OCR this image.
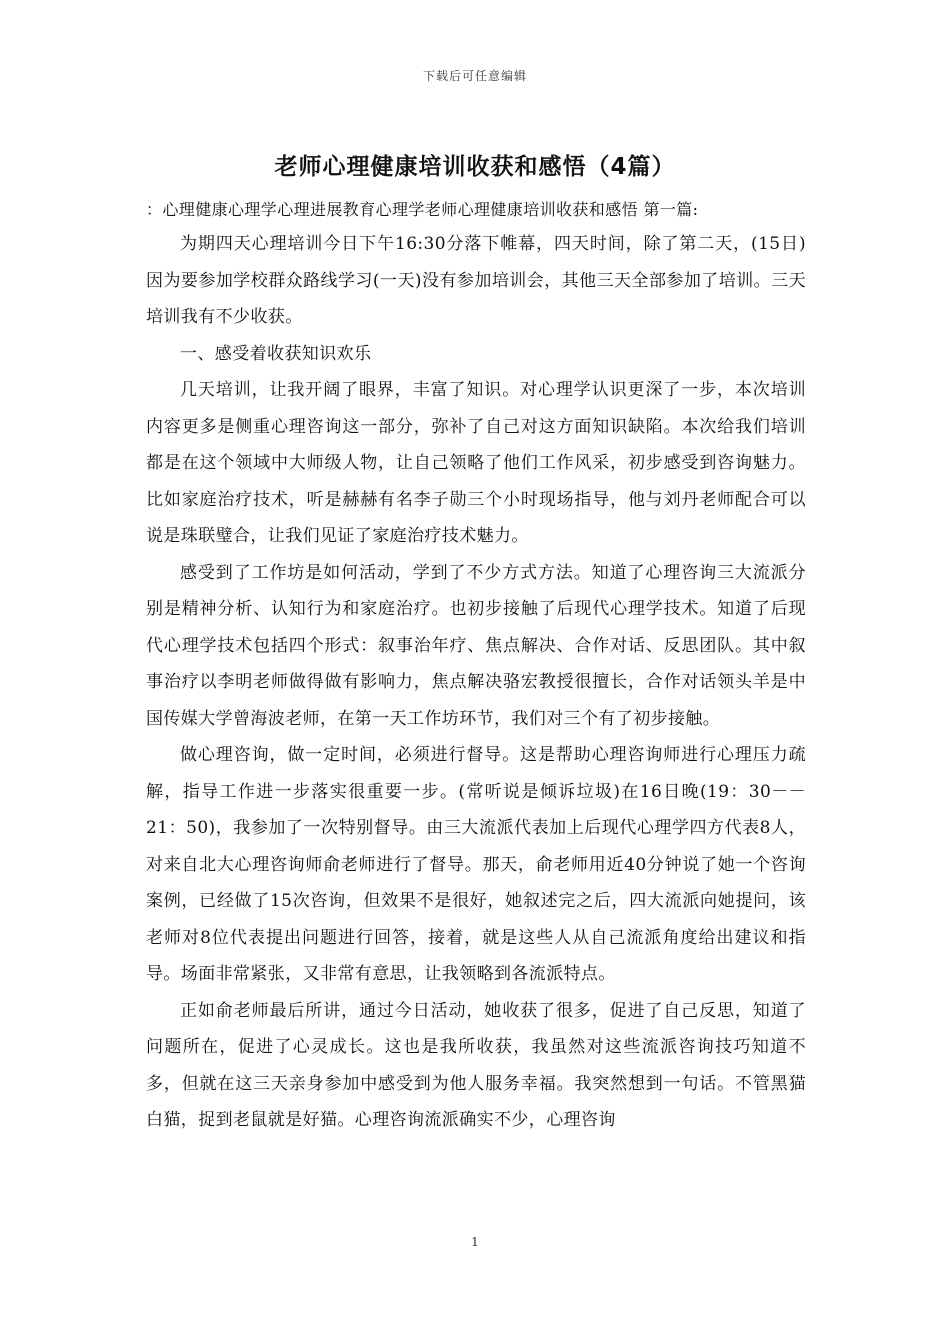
下载后可任意编辑
老师心理健康培训收获和感悟（4篇）

：心理健康心理学心理进展教育心理学老师心理健康培训收获和感悟 第一篇:

为期四天心理培训今日下午16:30分落下帷幕，四天时间，除了第二天，(15日)因为要参加学校群众路线学习(一天)没有参加培训会，其他三天全部参加了培训。三天培训我有不少收获。

一、感受着收获知识欢乐

几天培训，让我开阔了眼界，丰富了知识。对心理学认识更深了一步，本次培训内容更多是侧重心理咨询这一部分，弥补了自己对这方面知识缺陷。本次给我们培训都是在这个领域中大师级人物，让自己领略了他们工作风采，初步感受到咨询魅力。比如家庭治疗技术，听是赫赫有名李子勋三个小时现场指导，他与刘丹老师配合可以说是珠联璧合，让我们见证了家庭治疗技术魅力。

感受到了工作坊是如何活动，学到了不少方式方法。知道了心理咨询三大流派分别是精神分析、认知行为和家庭治疗。也初步接触了后现代心理学技术。知道了后现代心理学技术包括四个形式：叙事治年疗、焦点解决、合作对话、反思团队。其中叙事治疗以李明老师做得做有影响力，焦点解决骆宏教授很擅长，合作对话领头羊是中国传媒大学曾海波老师，在第一天工作坊环节，我们对三个有了初步接触。

做心理咨询，做一定时间，必须进行督导。这是帮助心理咨询师进行心理压力疏解，指导工作进一步落实很重要一步。(常听说是倾诉垃圾)在16日晚(19：30－－21：50)，我参加了一次特别督导。由三大流派代表加上后现代心理学四方代表8人，对来自北大心理咨询师俞老师进行了督导。那天，俞老师用近40分钟说了她一个咨询案例，已经做了15次咨询，但效果不是很好，她叙述完之后，四大流派向她提问，该老师对8位代表提出问题进行回答，接着，就是这些人从自己流派角度给出建议和指导。场面非常紧张，又非常有意思，让我领略到各流派特点。

正如俞老师最后所讲，通过今日活动，她收获了很多，促进了自己反思，知道了问题所在，促进了心灵成长。这也是我所收获，我虽然对这些流派咨询技巧知道不多，但就在这三天亲身参加中感受到为他人服务幸福。我突然想到一句话。不管黑猫白猫，捉到老鼠就是好猫。心理咨询流派确实不少，心理咨询

1
